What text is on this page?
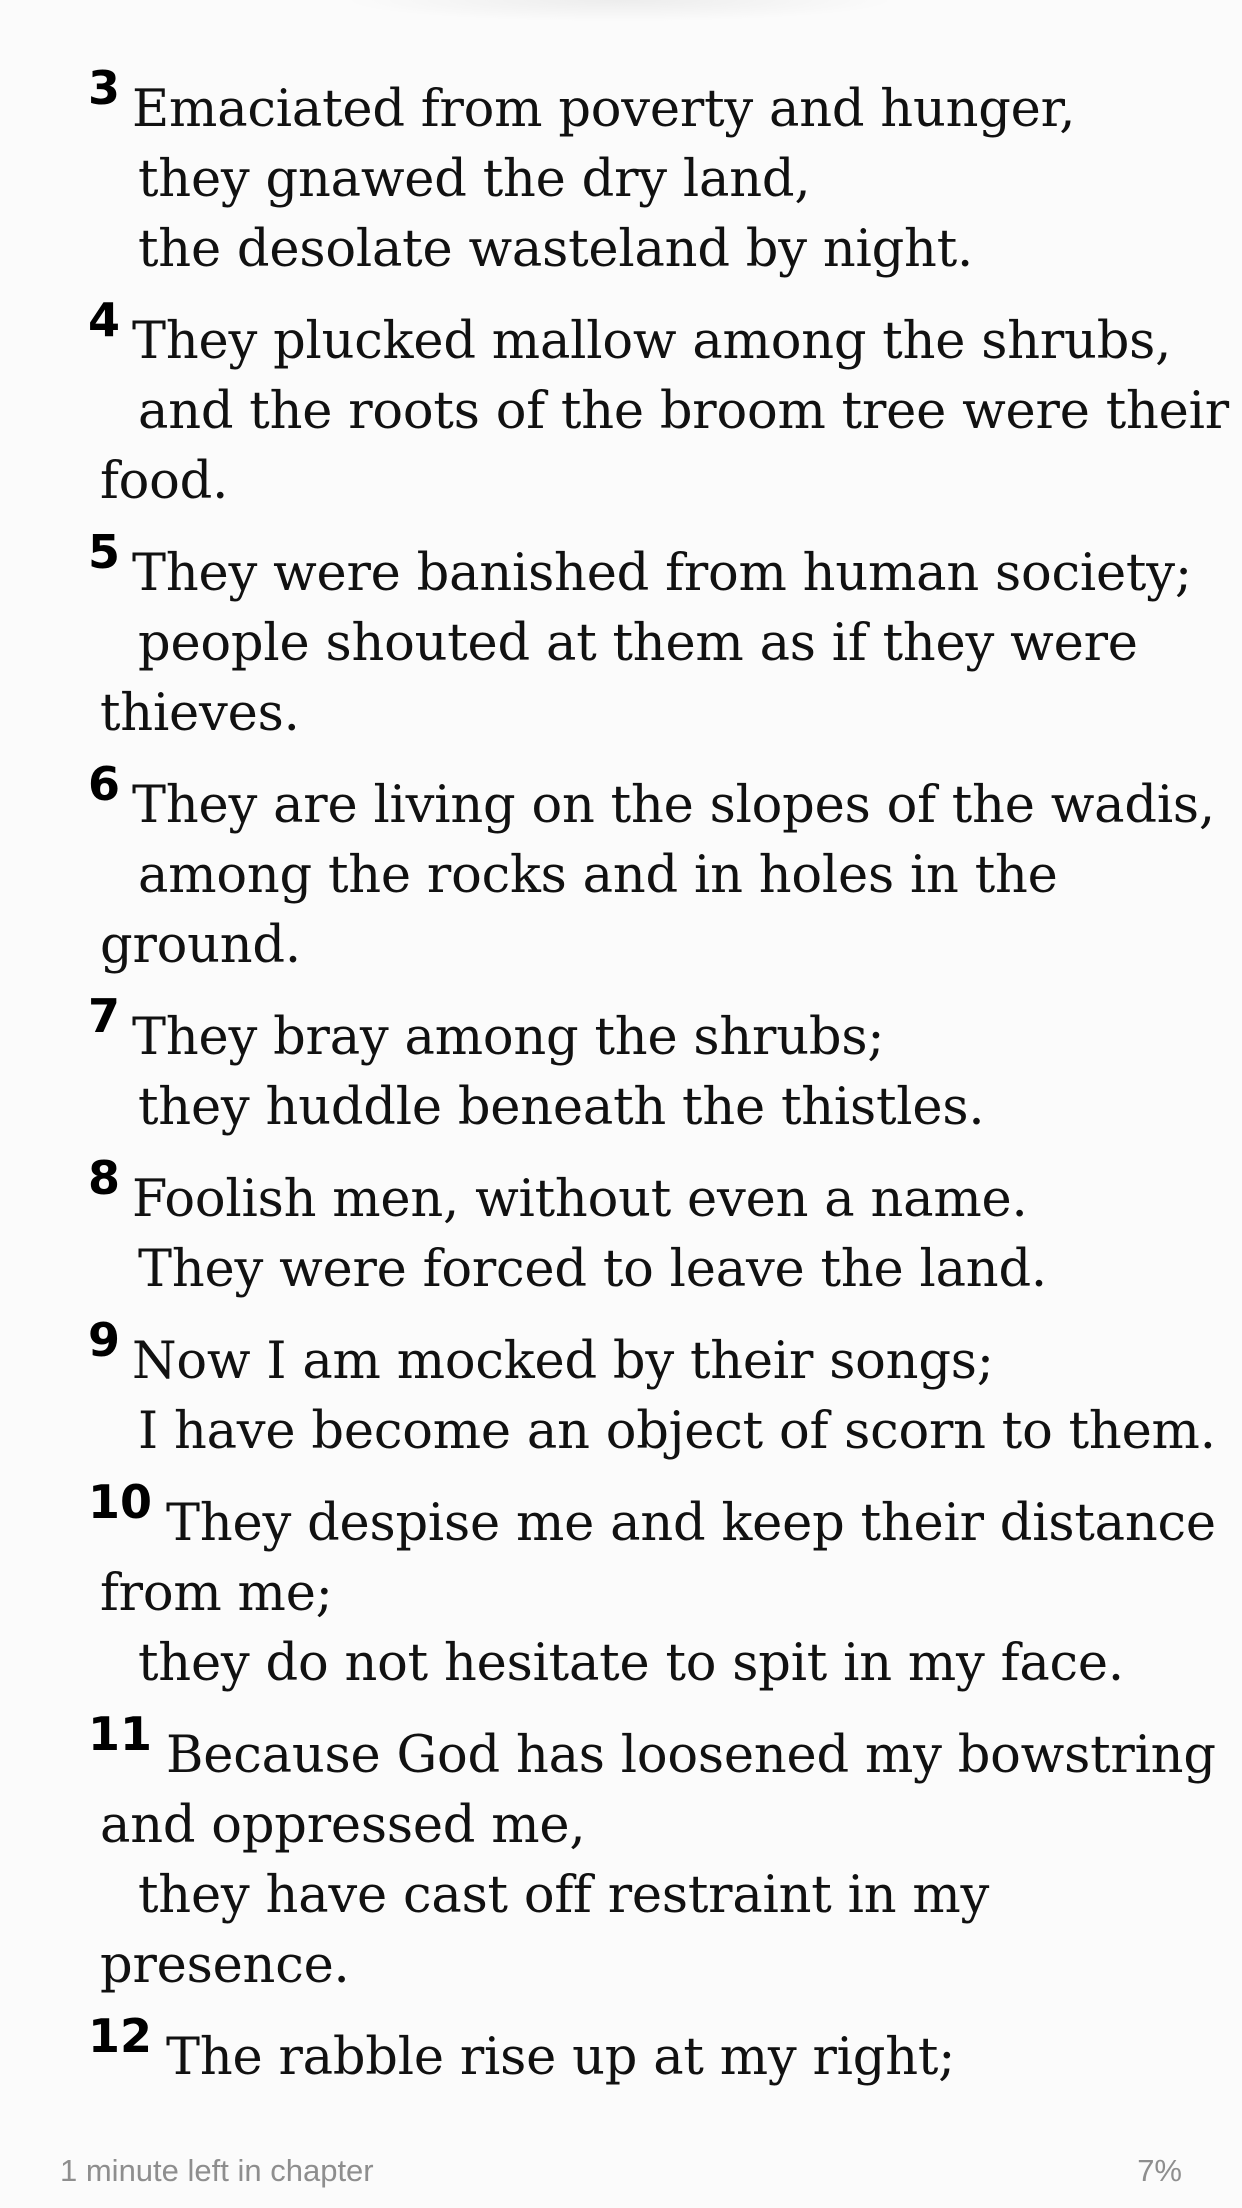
3 Emaciated from poverty and hunger,
they gnawed the dry land,
the desolate wasteland by night.
4 They plucked mallow among the shrubs,
and the roots of the broom tree were their
food.
5 They were banished from human society;
people shouted at them as if they were
thieves.
6 They are living on the slopes of the wadis,
among the rocks and in holes in the
ground.
7 They bray among the shrubs;
they huddle beneath the thistles.
8 Foolish men, without even a name.
They were forced to leave the land.
9 Now I am mocked by their songs;
I have become an object of scorn to them.
10 They despise me and keep their distance
from me;
they do not hesitate to spit in my face.
11 Because God has loosened my bowstring
and oppressed me,
they have cast off restraint in my
presence.
12 The rabble rise up at my right;
1 minute left in chapter	7%
